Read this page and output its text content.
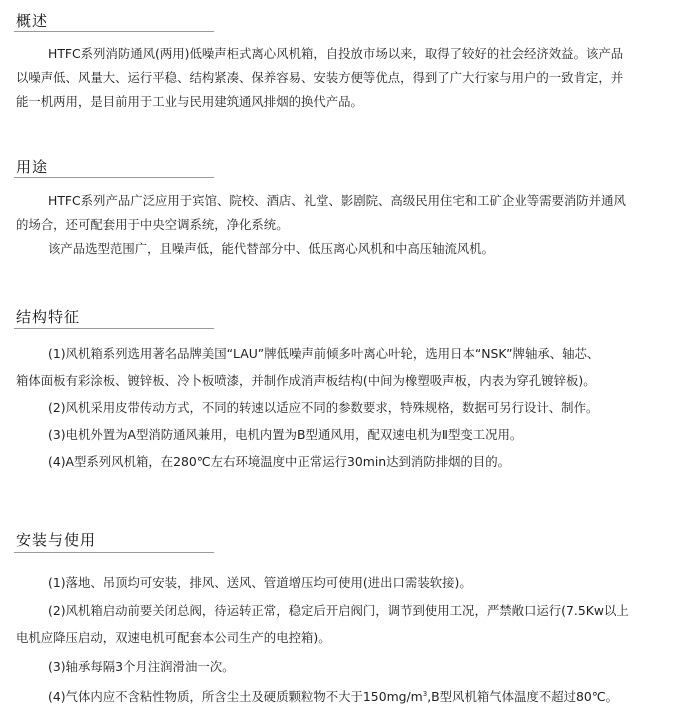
概述
HTFC系列消防通风(两用)低噪声柜式离心风机箱，自投放市场以来，取得了较好的社会经济效益。该产品
以噪声低、风量大、运行平稳、结构紧凑、保养容易、安装方便等优点，得到了广大行家与用户的一致肯定，并
能一机两用，是目前用于工业与民用建筑通风排烟的换代产品。
用途
HTFC系列产品广泛应用于宾馆、院校、酒店、礼堂、影剧院、高级民用住宅和工矿企业等需要消防并通风
的场合，还可配套用于中央空调系统，净化系统。
该产品选型范围广，且噪声低，能代替部分中、低压离心风机和中高压轴流风机。
结构特征
(1)风机箱系列选用著名品牌美国“LAU”牌低噪声前倾多叶离心叶轮，选用日本“NSK”牌轴承、轴芯、
箱体面板有彩涂板、镀锌板、冷卜板喷漆，并制作成消声板结构(中间为橡塑吸声板，内表为穿孔镀锌板)。
(2)风机采用皮带传动方式，不同的转速以适应不同的参数要求，特殊规格，数据可另行设计、制作。
(3)电机外置为A型消防通风兼用，电机内置为B型通风用，配双速电机为Ⅱ型变工况用。
(4)A型系列风机箱，在280℃左右环境温度中正常运行30min达到消防排烟的目的。
安装与使用
(1)落地、吊顶均可安装，排风、送风、管道增压均可使用(进出口需装软接)。
(2)风机箱启动前要关闭总阀，待运转正常，稳定后开启阀门，调节到使用工况，严禁敞口运行(7.5Kw以上
电机应降压启动，双速电机可配套本公司生产的电控箱)。
(3)轴承每隔3个月注润滑油一次。
(4)气体内应不含粘性物质，所含尘土及硬质颗粒物不大于$150mg/m^3,B$型风机箱气体温度不超过80℃。
